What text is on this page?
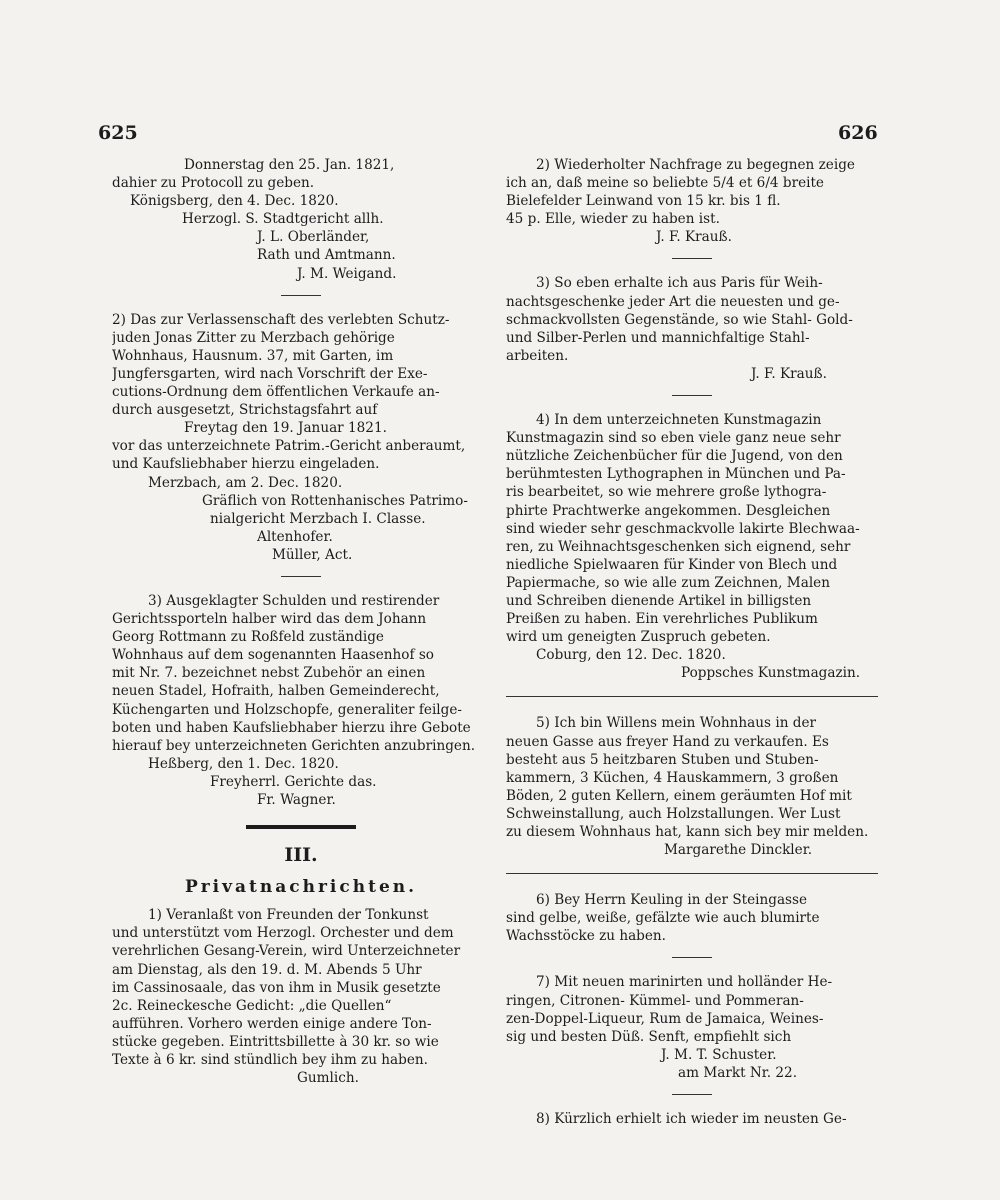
625	626
Donnerstag den 25. Jan. 1821,
dahier zu Protocoll zu geben.
Königsberg, den 4. Dec. 1820.
Herzogl. S. Stadtgericht allh.
J. L. Oberländer,
Rath und Amtmann.
J. M. Weigand.
2) Das zur Verlassenschaft des verlebten Schutz-
juden Jonas Zitter zu Merzbach gehörige
Wohnhaus, Hausnum. 37, mit Garten, im
Jungfersgarten, wird nach Vorschrift der Exe-
cutions-Ordnung dem öffentlichen Verkaufe an-
durch ausgesetzt, Strichstagsfahrt auf
Freytag den 19. Januar 1821.
vor das unterzeichnete Patrim.-Gericht anberaumt,
und Kaufsliebhaber hierzu eingeladen.
Merzbach, am 2. Dec. 1820.
Gräflich von Rottenhanisches Patrimo-
nialgericht Merzbach I. Classe.
Altenhofer.
Müller, Act.
3) Ausgeklagter Schulden und restirender
Gerichtssporteln halber wird das dem Johann
Georg Rottmann zu Roßfeld zuständige
Wohnhaus auf dem sogenannten Haasenhof so
mit Nr. 7. bezeichnet nebst Zubehör an einen
neuen Stadel, Hofraith, halben Gemeinderecht,
Küchengarten und Holzschopfe, generaliter feilge-
boten und haben Kaufsliebhaber hierzu ihre Gebote
hierauf bey unterzeichneten Gerichten anzubringen.
Heßberg, den 1. Dec. 1820.
Freyherrl. Gerichte das.
Fr. Wagner.
III.
Privatnachrichten.
1) Veranlaßt von Freunden der Tonkunst
und unterstützt vom Herzogl. Orchester und dem
verehrlichen Gesang-Verein, wird Unterzeichneter
am Dienstag, als den 19. d. M. Abends 5 Uhr
im Cassinosaale, das von ihm in Musik gesetzte
2c. Reineckesche Gedicht: „die Quellen“
aufführen. Vorhero werden einige andere Ton-
stücke gegeben. Eintrittsbillette à 30 kr. so wie
Texte à 6 kr. sind stündlich bey ihm zu haben.
Gumlich.
2) Wiederholter Nachfrage zu begegnen zeige
ich an, daß meine so beliebte 5/4 et 6/4 breite
Bielefelder Leinwand von 15 kr. bis 1 fl.
45 p. Elle, wieder zu haben ist.
J. F. Krauß.
3) So eben erhalte ich aus Paris für Weih-
nachtsgeschenke jeder Art die neuesten und ge-
schmackvollsten Gegenstände, so wie Stahl- Gold-
und Silber-Perlen und mannichfaltige Stahl-
arbeiten.
J. F. Krauß.
4) In dem unterzeichneten Kunstmagazin
Kunstmagazin sind so eben viele ganz neue sehr
nützliche Zeichenbücher für die Jugend, von den
berühmtesten Lythographen in München und Pa-
ris bearbeitet, so wie mehrere große lythogra-
phirte Prachtwerke angekommen. Desgleichen
sind wieder sehr geschmackvolle lakirte Blechwaa-
ren, zu Weihnachtsgeschenken sich eignend, sehr
niedliche Spielwaaren für Kinder von Blech und
Papiermache, so wie alle zum Zeichnen, Malen
und Schreiben dienende Artikel in billigsten
Preißen zu haben. Ein verehrliches Publikum
wird um geneigten Zuspruch gebeten.
Coburg, den 12. Dec. 1820.
Poppsches Kunstmagazin.
5) Ich bin Willens mein Wohnhaus in der
neuen Gasse aus freyer Hand zu verkaufen. Es
besteht aus 5 heitzbaren Stuben und Stuben-
kammern, 3 Küchen, 4 Hauskammern, 3 großen
Böden, 2 guten Kellern, einem geräumten Hof mit
Schweinstallung, auch Holzstallungen. Wer Lust
zu diesem Wohnhaus hat, kann sich bey mir melden.
Margarethe Dinckler.
6) Bey Herrn Keuling in der Steingasse
sind gelbe, weiße, gefälzte wie auch blumirte
Wachsstöcke zu haben.
7) Mit neuen marinirten und holländer He-
ringen, Citronen- Kümmel- und Pommeran-
zen-Doppel-Liqueur, Rum de Jamaica, Weines-
sig und besten Düß. Senft, empfiehlt sich
J. M. T. Schuster.
am Markt Nr. 22.
8) Kürzlich erhielt ich wieder im neusten Ge-
